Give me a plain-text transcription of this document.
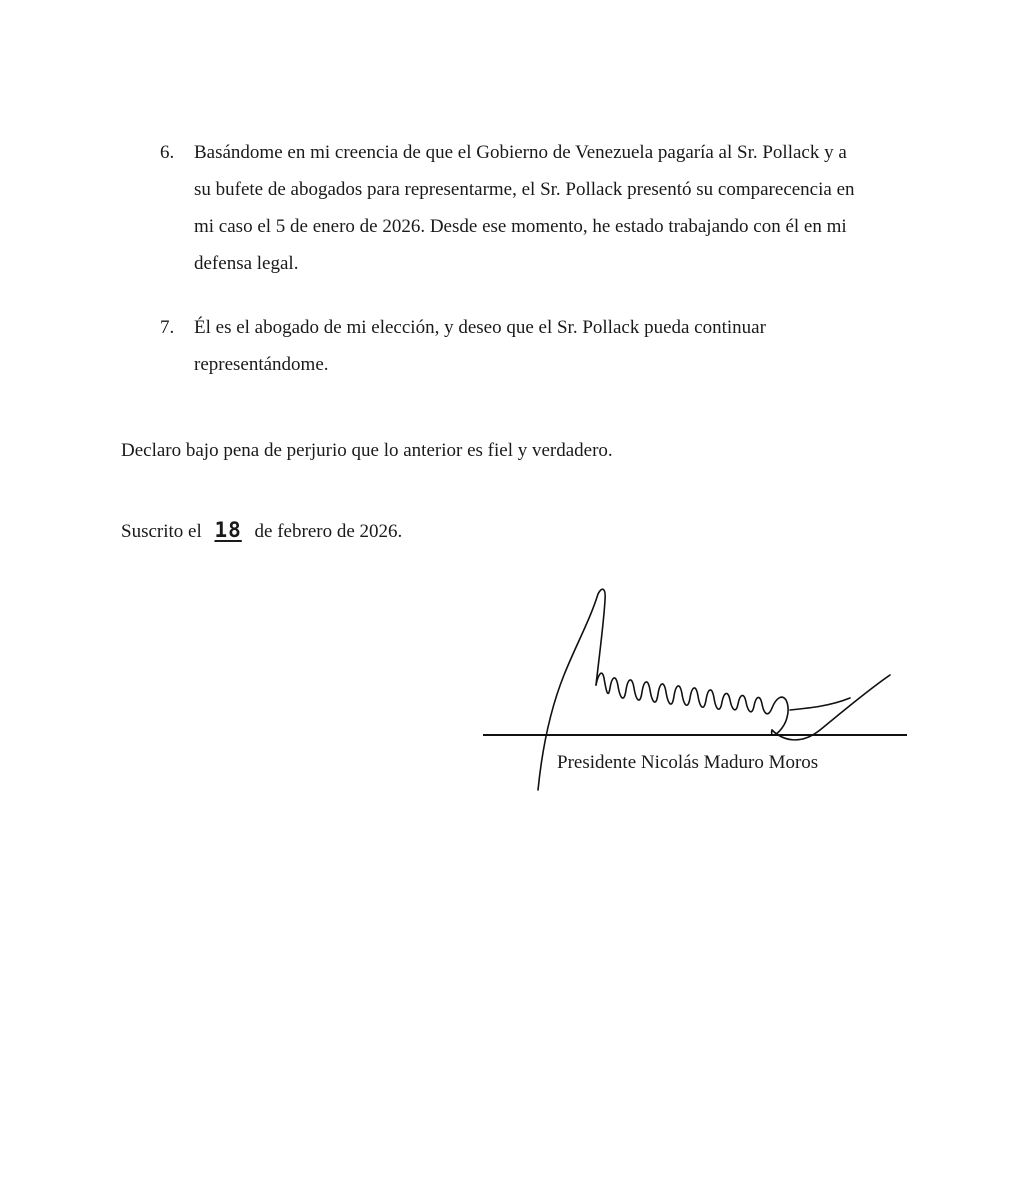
6.	Basándome en mi creencia de que el Gobierno de Venezuela pagaría al Sr. Pollack y a
su bufete de abogados para representarme, el Sr. Pollack presentó su comparecencia en
mi caso el 5 de enero de 2026. Desde ese momento, he estado trabajando con él en mi
defensa legal.
7.	Él es el abogado de mi elección, y deseo que el Sr. Pollack pueda continuar
representándome.
Declaro bajo pena de perjurio que lo anterior es fiel y verdadero.
Suscrito el 18 de febrero de 2026.
Presidente Nicolás Maduro Moros
